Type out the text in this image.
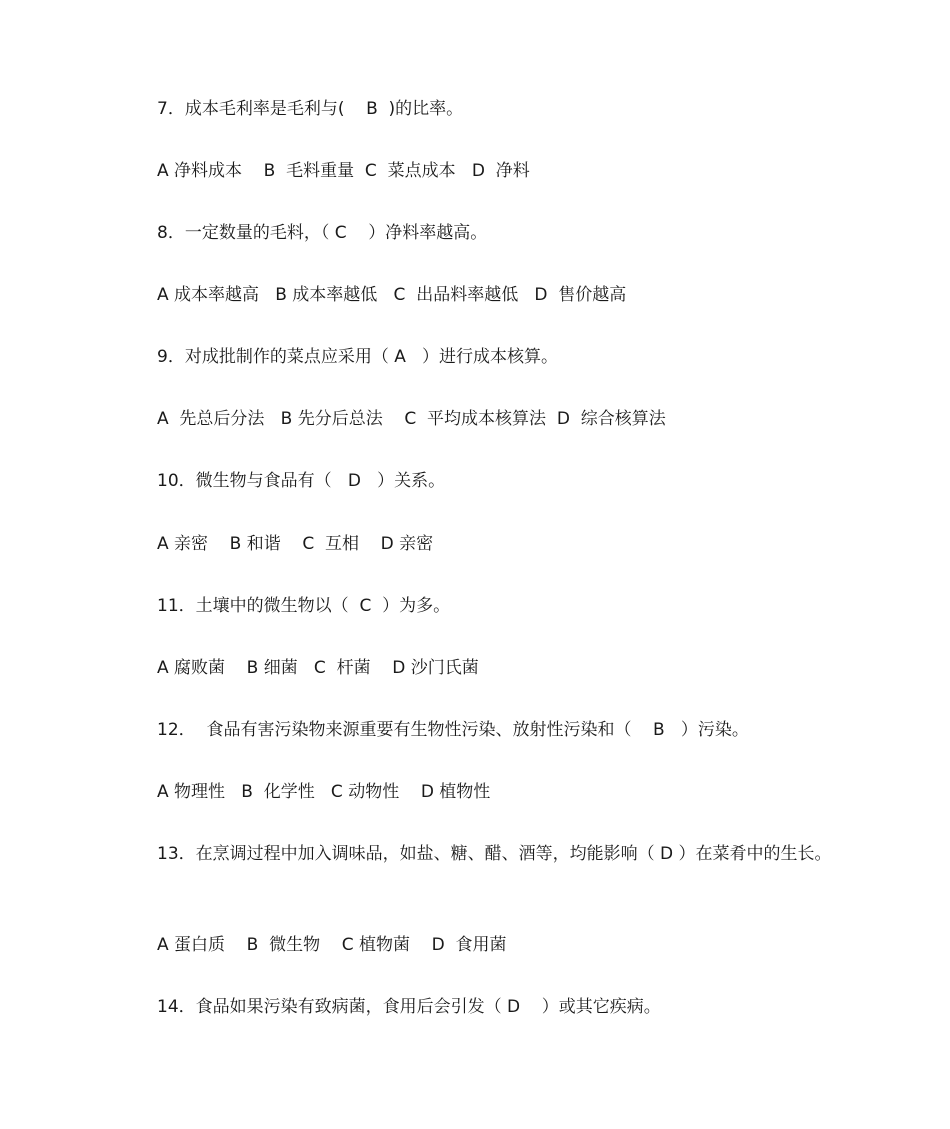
7．成本毛利率是毛利与(    B  )的比率。
A 净料成本    B  毛料重量  C  菜点成本   D  净料
8．一定数量的毛料，（ C    ）净料率越高。
A 成本率越高   B 成本率越低   C  出品料率越低   D  售价越高
9．对成批制作的菜点应采用（ A   ）进行成本核算。
A  先总后分法   B 先分后总法    C  平均成本核算法  D  综合核算法
10．微生物与食品有（   D   ）关系。
A 亲密    B 和谐    C  互相    D 亲密
11．土壤中的微生物以（  C  ）为多。
A 腐败菌    B 细菌   C  杆菌    D 沙门氏菌
12．  食品有害污染物来源重要有生物性污染、放射性污染和（    B   ）污染。
A 物理性   B  化学性   C 动物性    D 植物性
13．在烹调过程中加入调味品，如盐、糖、醋、酒等，均能影响（ D ）在菜肴中的生长。
A 蛋白质    B  微生物    C 植物菌    D  食用菌
14．食品如果污染有致病菌，食用后会引发（ D    ）或其它疾病。
